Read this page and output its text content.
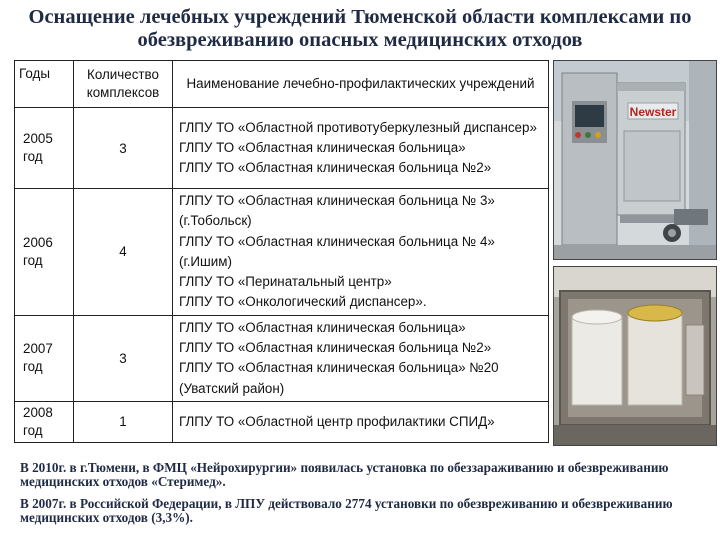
Оснащение лечебных учреждений Тюменской области комплексами по обезвреживанию опасных медицинских отходов
Годы	Количество комплексов	Наименование лечебно-профилактических учреждений
2005 год	3	ГЛПУ ТО «Областной противотуберкулезный диспансер»
ГЛПУ ТО «Областная клиническая больница»
ГЛПУ ТО «Областная клиническая больница №2»

2006 год	4	ГЛПУ ТО «Областная клиническая больница № 3» (г.Тобольск)
ГЛПУ ТО «Областная клиническая больница № 4» (г.Ишим)
ГЛПУ ТО «Перинатальный центр»
ГЛПУ ТО «Онкологический диспансер».

2007 год	3	ГЛПУ ТО «Областная клиническая больница»
ГЛПУ ТО «Областная клиническая больница №2»
ГЛПУ ТО «Областная клиническая больница» №20 (Уватский район)

2008 год	1	ГЛПУ ТО «Областной центр профилактики СПИД»
Newster
В 2010г. в г.Тюмени, в ФМЦ «Нейрохирургии» появилась установка по обеззараживанию и обезвреживанию медицинских отходов «Стеримед».
В 2007г. в Российской Федерации, в ЛПУ действовало 2774 установки по обезвреживанию и обезвреживанию медицинских отходов (3,3%).
